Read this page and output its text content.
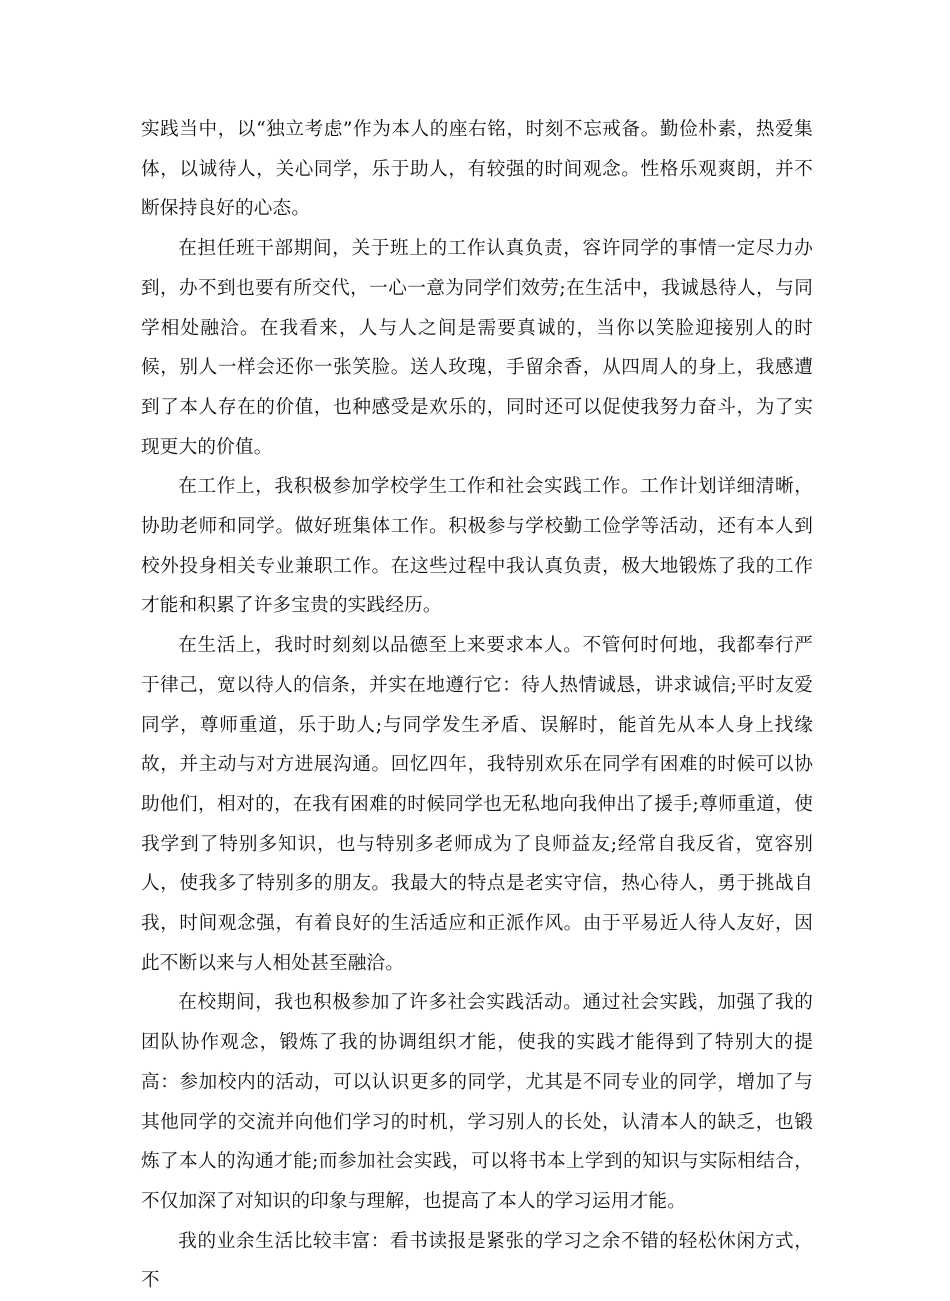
实践当中，以“独立考虑”作为本人的座右铭，时刻不忘戒备。勤俭朴素，热爱集体，以诚待人，关心同学，乐于助人，有较强的时间观念。性格乐观爽朗，并不断保持良好的心态。

在担任班干部期间，关于班上的工作认真负责，容许同学的事情一定尽力办到，办不到也要有所交代，一心一意为同学们效劳;在生活中，我诚恳待人，与同学相处融洽。在我看来，人与人之间是需要真诚的，当你以笑脸迎接别人的时候，别人一样会还你一张笑脸。送人玫瑰，手留余香，从四周人的身上，我感遭到了本人存在的价值，也种感受是欢乐的，同时还可以促使我努力奋斗，为了实现更大的价值。

在工作上，我积极参加学校学生工作和社会实践工作。工作计划详细清晰，协助老师和同学。做好班集体工作。积极参与学校勤工俭学等活动，还有本人到校外投身相关专业兼职工作。在这些过程中我认真负责，极大地锻炼了我的工作才能和积累了许多宝贵的实践经历。

在生活上，我时时刻刻以品德至上来要求本人。不管何时何地，我都奉行严于律己，宽以待人的信条，并实在地遵行它：待人热情诚恳，讲求诚信;平时友爱同学，尊师重道，乐于助人;与同学发生矛盾、误解时，能首先从本人身上找缘故，并主动与对方进展沟通。回忆四年，我特别欢乐在同学有困难的时候可以协助他们，相对的，在我有困难的时候同学也无私地向我伸出了援手;尊师重道，使我学到了特别多知识，也与特别多老师成为了良师益友;经常自我反省，宽容别人，使我多了特别多的朋友。我最大的特点是老实守信，热心待人，勇于挑战自我，时间观念强，有着良好的生活适应和正派作风。由于平易近人待人友好，因此不断以来与人相处甚至融洽。

在校期间，我也积极参加了许多社会实践活动。通过社会实践，加强了我的团队协作观念，锻炼了我的协调组织才能，使我的实践才能得到了特别大的提高：参加校内的活动，可以认识更多的同学，尤其是不同专业的同学，增加了与其他同学的交流并向他们学习的时机，学习别人的长处，认清本人的缺乏，也锻炼了本人的沟通才能;而参加社会实践，可以将书本上学到的知识与实际相结合，不仅加深了对知识的印象与理解，也提高了本人的学习运用才能。

我的业余生活比较丰富：看书读报是紧张的学习之余不错的轻松休闲方式，不
